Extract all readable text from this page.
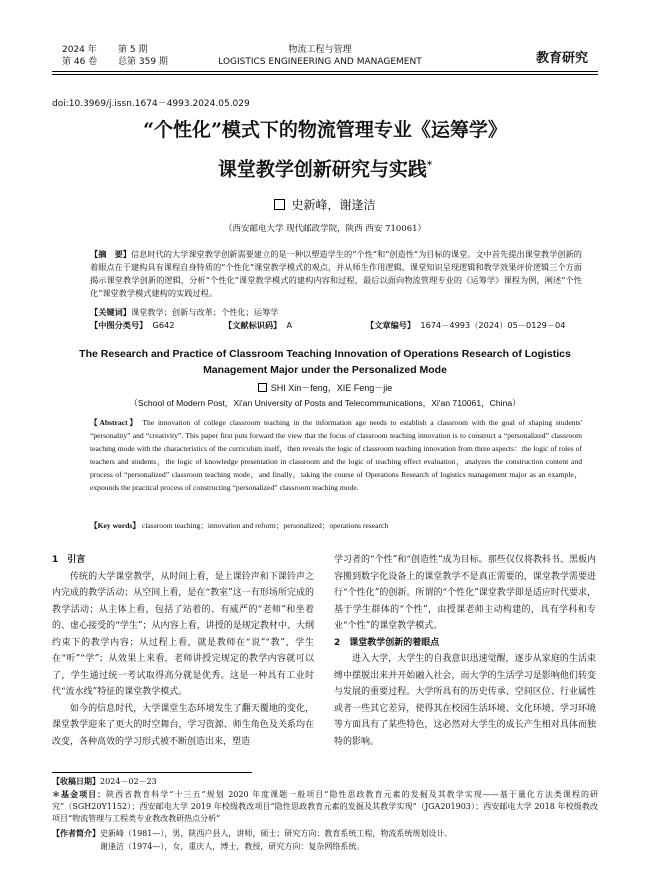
2024 年 第 5 期
第 46 卷 总第 359 期
物流工程与管理
LOGISTICS ENGINEERING AND MANAGEMENT	教育研究
doi:10.3969/j.issn.1674－4993.2024.05.029
“个性化”模式下的物流管理专业《运筹学》
课堂教学创新研究与实践*
史新峰，谢逢洁
（西安邮电大学 现代邮政学院，陕西 西安 710061）
【摘　要】信息时代的大学课堂教学创新需要建立的是一种以塑造学生的“个性”和“创造性”为目标的课堂。文中首先提出课堂教学创新的着眼点在于建构具有课程自身特质的“个性化”课堂教学模式的观点，并从师生作用逻辑、课堂知识呈现逻辑和教学效果评价逻辑三个方面揭示课堂教学创新的逻辑，分析“个性化”课堂教学模式的建构内容和过程，最后以面向物流管理专业的《运筹学》课程为例，阐述“个性化”课堂教学模式建构的实践过程。
【关键词】课堂教学；创新与改革；个性化；运筹学
【中图分类号】 G642	【文献标识码】 A	【文章编号】 1674－4993（2024）05－0129－04
The Research and Practice of Classroom Teaching Innovation of Operations Research of Logistics Management Major under the Personalized Mode
SHI Xin－feng，XIE Feng－jie
（School of Modern Post，Xi'an University of Posts and Telecommunications，Xi'an 710061，China）
【Abstract】 The innovation of college classroom teaching in the information age needs to establish a classroom with the goal of shaping students' “personality” and “creativity”. This paper first puts forward the view that the focus of classroom teaching innovation is to construct a “personalized” classroom teaching mode with the characteristics of the curriculum itself，then reveals the logic of classroom teaching innovation from three aspects：the logic of roles of teachers and students，the logic of knowledge presentation in classroom and the logic of teaching effect evaluation，analyzes the construction content and process of “personalized” classroom teaching mode，and finally，taking the course of Operations Research of logistics management major as an example，expounds the practical process of constructing “personalized” classroom teaching mode.
【Key words】 classroom teaching；innovation and reform；personalized；operations research
1　引言

传统的大学课堂教学，从时间上看，是上课铃声和下课铃声之内完成的教学活动；从空间上看，是在“教室”这一有形场所完成的教学活动；从主体上看，包括了站着的、有威严的“老师”和坐着的、虚心接受的“学生”；从内容上看，讲授的是规定教材中、大纲约束下的教学内容；从过程上看，就是教师在“说”“教”，学生在“听”“学”；从效果上来看，老师讲授完规定的教学内容就可以了，学生通过统一考试取得高分就是优秀。这是一种具有工业时代“流水线”特征的课堂教学模式。

如今的信息时代，大学课堂生态环境发生了翻天覆地的变化，课堂教学迎来了更大的时空舞台，学习资源、师生角色及关系均在改变，各种高效的学习形式被不断创造出来，塑造

学习者的“个性”和“创造性”成为目标。那些仅仅将教科书、黑板内容搬到数字化设备上的课堂教学不是真正需要的，课堂教学需要进行“个性化”的创新。所谓的“个性化”课堂教学即是适应时代要求，基于学生群体的“个性”，由授课老师主动构建的，具有学科和专业“个性”的课堂教学模式。

2　课堂教学创新的着眼点

进入大学，大学生的自我意识迅速觉醒，逐步从家庭的生活束缚中摆脱出来并开始融入社会，而大学的生活学习是影响他们转变与发展的重要过程。大学所具有的历史传承、空间区位、行业属性或者一些其它差异，使得其在校园生活环境、文化环境、学习环境等方面具有了某些特色，这必然对大学生的成长产生相对具体而独特的影响。

【收稿日期】2024－02－23
＊基金项目：陕西省教育科学“十三五”规划 2020 年度课题一般项目“隐性思政教育元素的发掘及其教学实现——基于量化方法类课程的研究”（SGH20Y1152）；西安邮电大学 2019 年校级教改项目“隐性思政教育元素的发掘及其教学实现”（JGA201903）；西安邮电大学 2018 年校级教改项目“物流管理与工程类专业教改教研热点分析”
【作者简介】史新峰（1981—），男，陕西户县人，讲师，硕士；研究方向：教育系统工程，物流系统规划设计。
谢逢洁（1974—），女，重庆人，博士，教授，研究方向：复杂网络系统。
